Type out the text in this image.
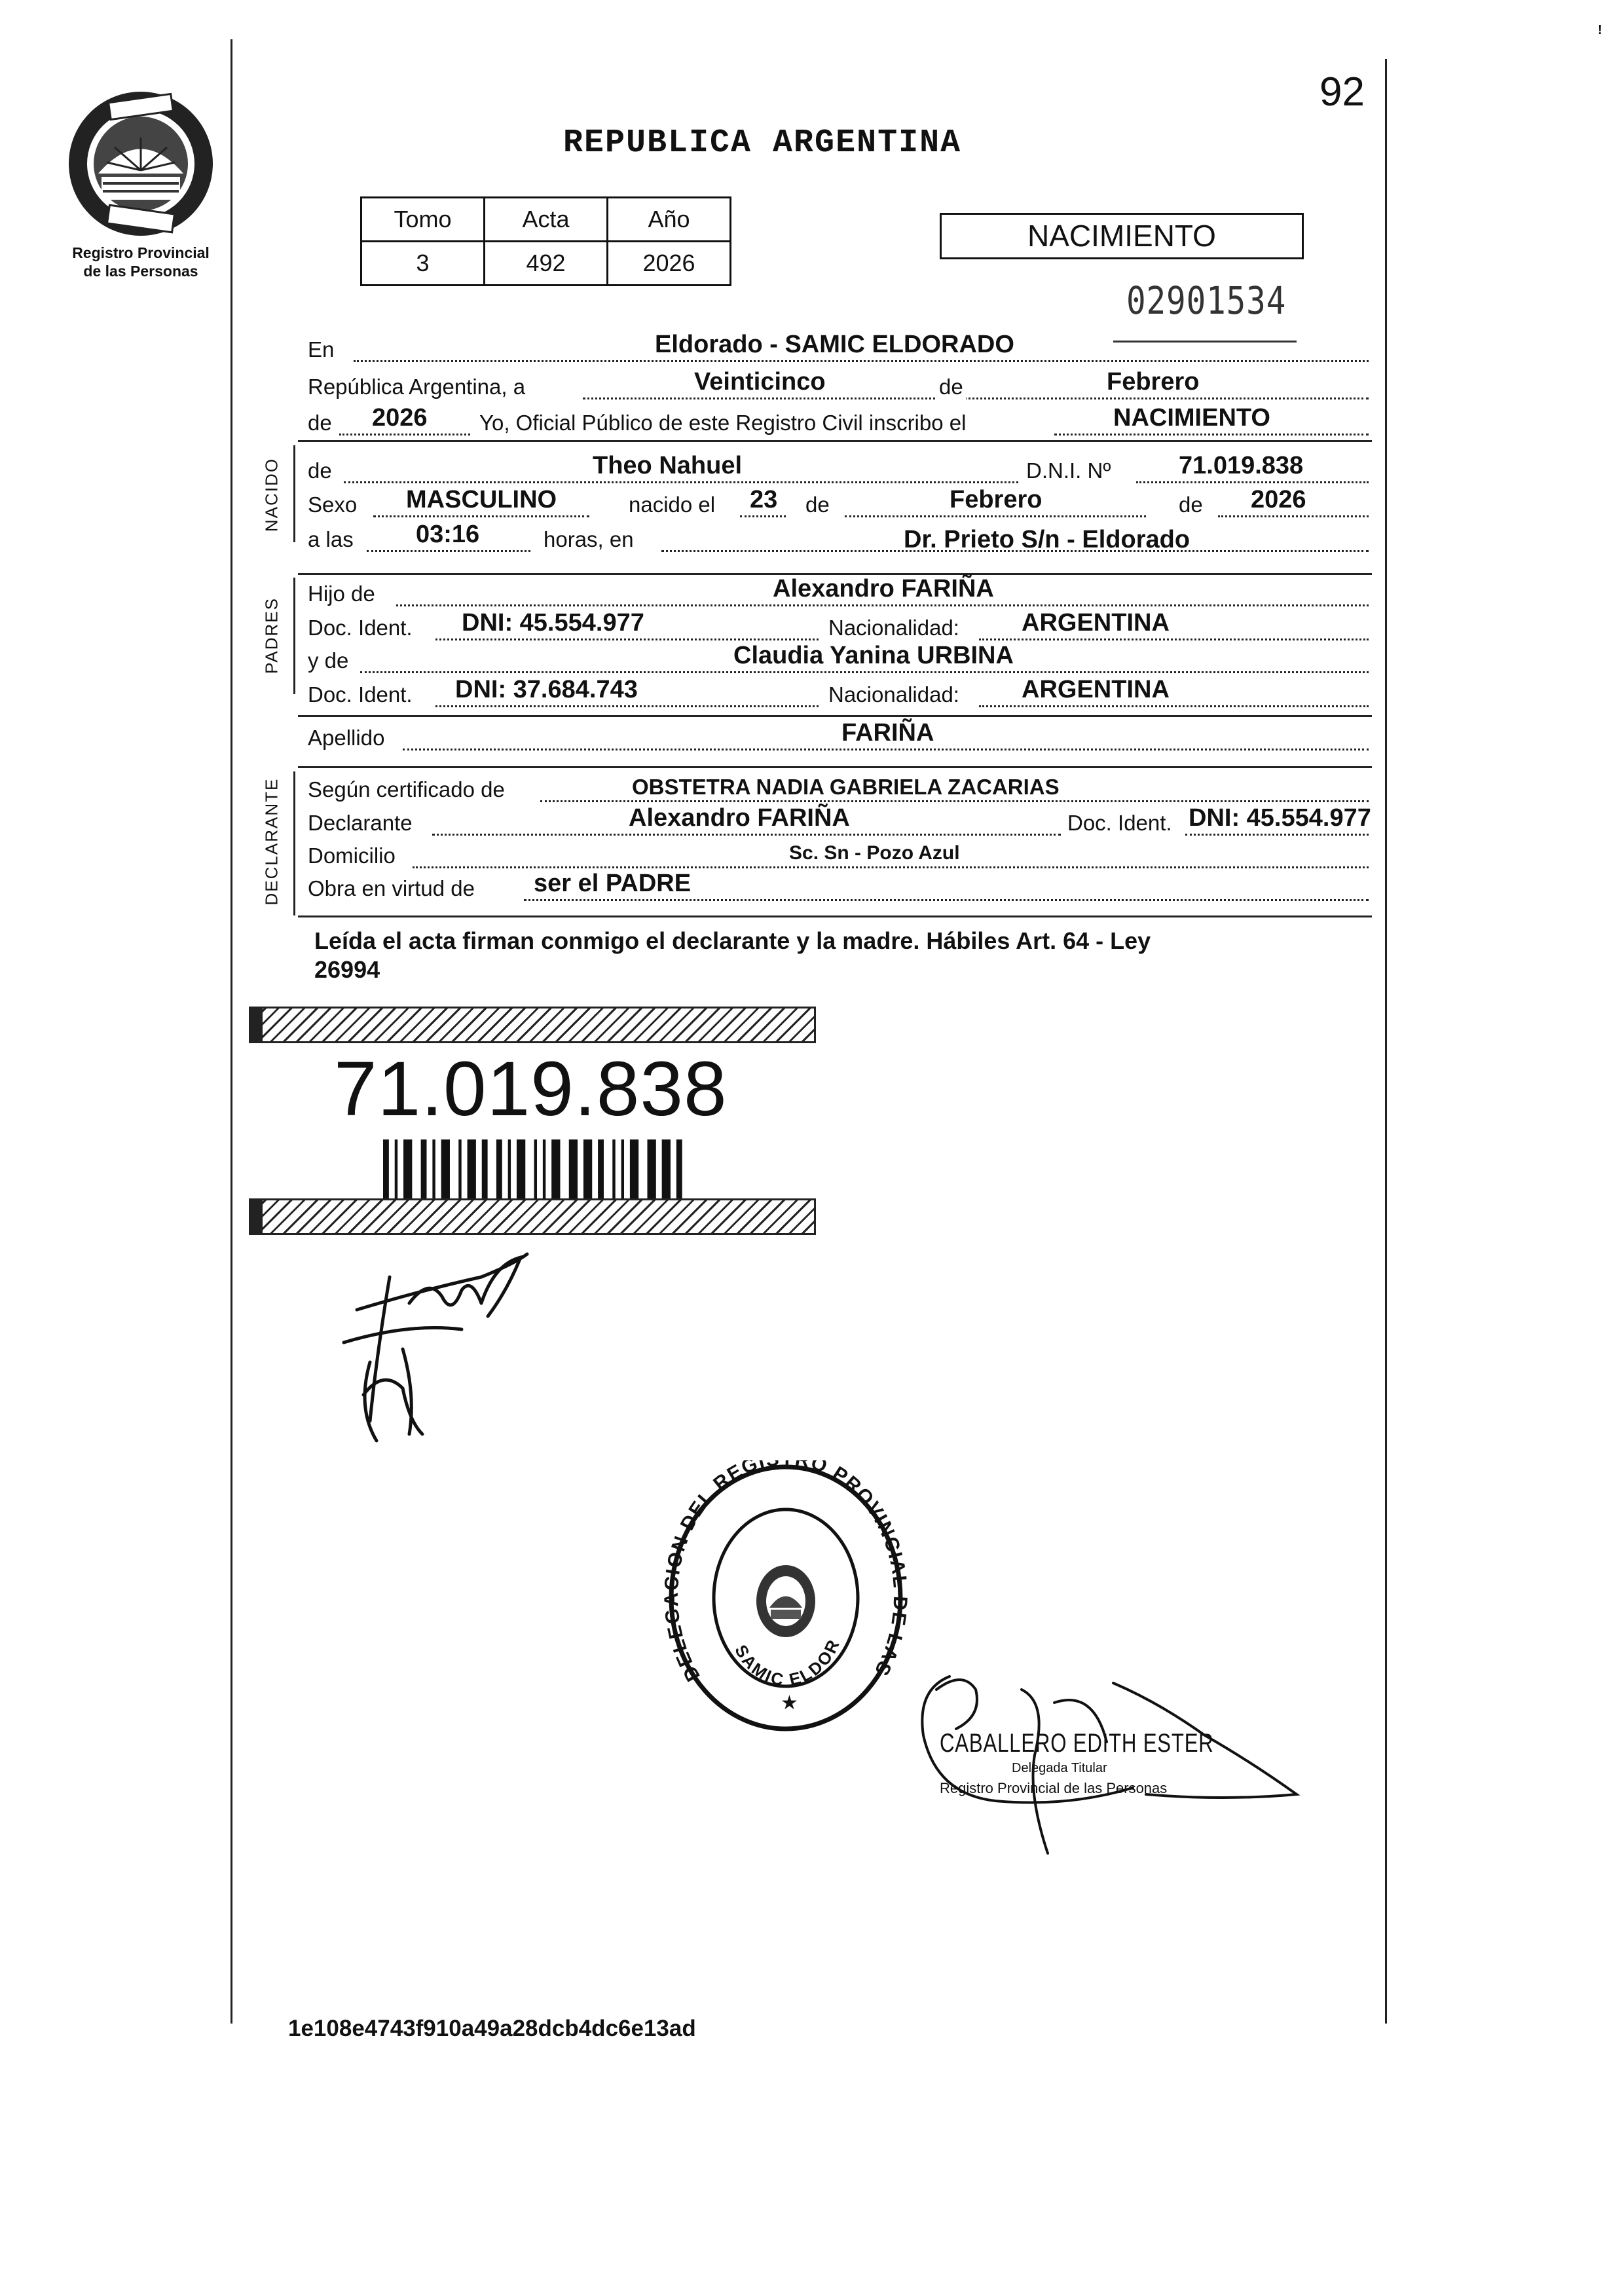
!
Registro Provincial
de las Personas
92
REPUBLICA ARGENTINA
Tomo	Acta	Año
3	492	2026
NACIMIENTO
02901534
En	Eldorado - SAMIC ELDORADO
República Argentina, a	Veinticinco	de	Febrero
de 2026 Yo, Oficial Público de este Registro Civil inscribo el	NACIMIENTO
NACIDO de	Theo Nahuel	D.N.I. Nº	71.019.838
Sexo MASCULINO	nacido el 23 de	Febrero	de 2026
a las	03:16	horas, en	Dr. Prieto S/n - Eldorado
PADRES
Hijo de	Alexandro FARIÑA
Doc. Ident. DNI: 45.554.977	Nacionalidad:	ARGENTINA
y de	Claudia Yanina URBINA
Doc. Ident. DNI: 37.684.743	Nacionalidad:	ARGENTINA
Apellido	FARIÑA
DECLARANTE Según certificado de	OBSTETRA NADIA GABRIELA ZACARIAS
Declarante	Alexandro FARIÑA	Doc. Ident. DNI: 45.554.977
Domicilio	Sc. Sn - Pozo Azul
Obra en virtud de ser el PADRE
Leída el acta firman conmigo el declarante y la madre. Hábiles Art. 64 - Ley
26994
71.019.838
DELEGACION DEL REGI O PROVINCIAL DE LAS
SAMIC ELDOR
★
CABALLERO EDITH ESTER
Delegada Titular
Registro Provincial de las Personas
1e108e4743f910a49a28dcb4dc6e13ad
